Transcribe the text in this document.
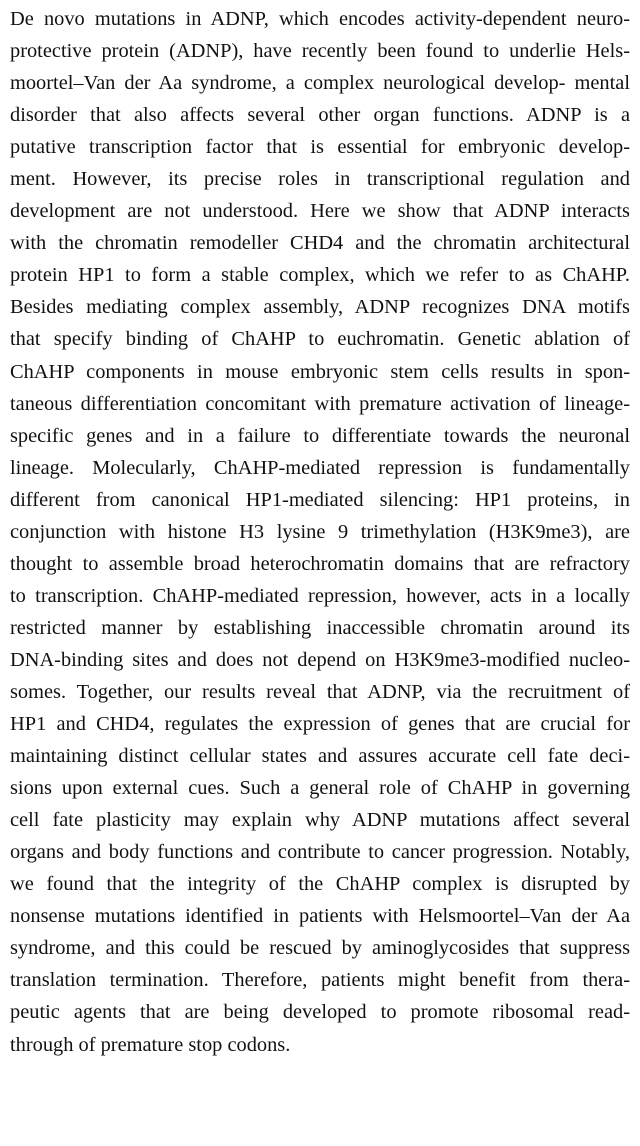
De novo mutations in ADNP, which encodes activity-dependent neuro-
protective protein (ADNP), have recently been found to underlie Hels-
moortel–Van der Aa syndrome, a complex neurological develop- mental
disorder that also affects several other organ functions. ADNP is a
putative transcription factor that is essential for embryonic develop-
ment. However, its precise roles in transcriptional regulation and
development are not understood. Here we show that ADNP interacts
with the chromatin remodeller CHD4 and the chromatin architectural
protein HP1 to form a stable complex, which we refer to as ChAHP.
Besides mediating complex assembly, ADNP recognizes DNA motifs
that specify binding of ChAHP to euchromatin. Genetic ablation of
ChAHP components in mouse embryonic stem cells results in spon-
taneous differentiation concomitant with premature activation of lineage-
specific genes and in a failure to differentiate towards the neuronal
lineage. Molecularly, ChAHP-mediated repression is fundamentally
different from canonical HP1-mediated silencing: HP1 proteins, in
conjunction with histone H3 lysine 9 trimethylation (H3K9me3), are
thought to assemble broad heterochromatin domains that are refractory
to transcription. ChAHP-mediated repression, however, acts in a locally
restricted manner by establishing inaccessible chromatin around its
DNA-binding sites and does not depend on H3K9me3-modified nucleo-
somes. Together, our results reveal that ADNP, via the recruitment of
HP1 and CHD4, regulates the expression of genes that are crucial for
maintaining distinct cellular states and assures accurate cell fate deci-
sions upon external cues. Such a general role of ChAHP in governing
cell fate plasticity may explain why ADNP mutations affect several
organs and body functions and contribute to cancer progression. Notably,
we found that the integrity of the ChAHP complex is disrupted by
nonsense mutations identified in patients with Helsmoortel–Van der Aa
syndrome, and this could be rescued by aminoglycosides that suppress
translation termination. Therefore, patients might benefit from thera-
peutic agents that are being developed to promote ribosomal read-
through of premature stop codons.
